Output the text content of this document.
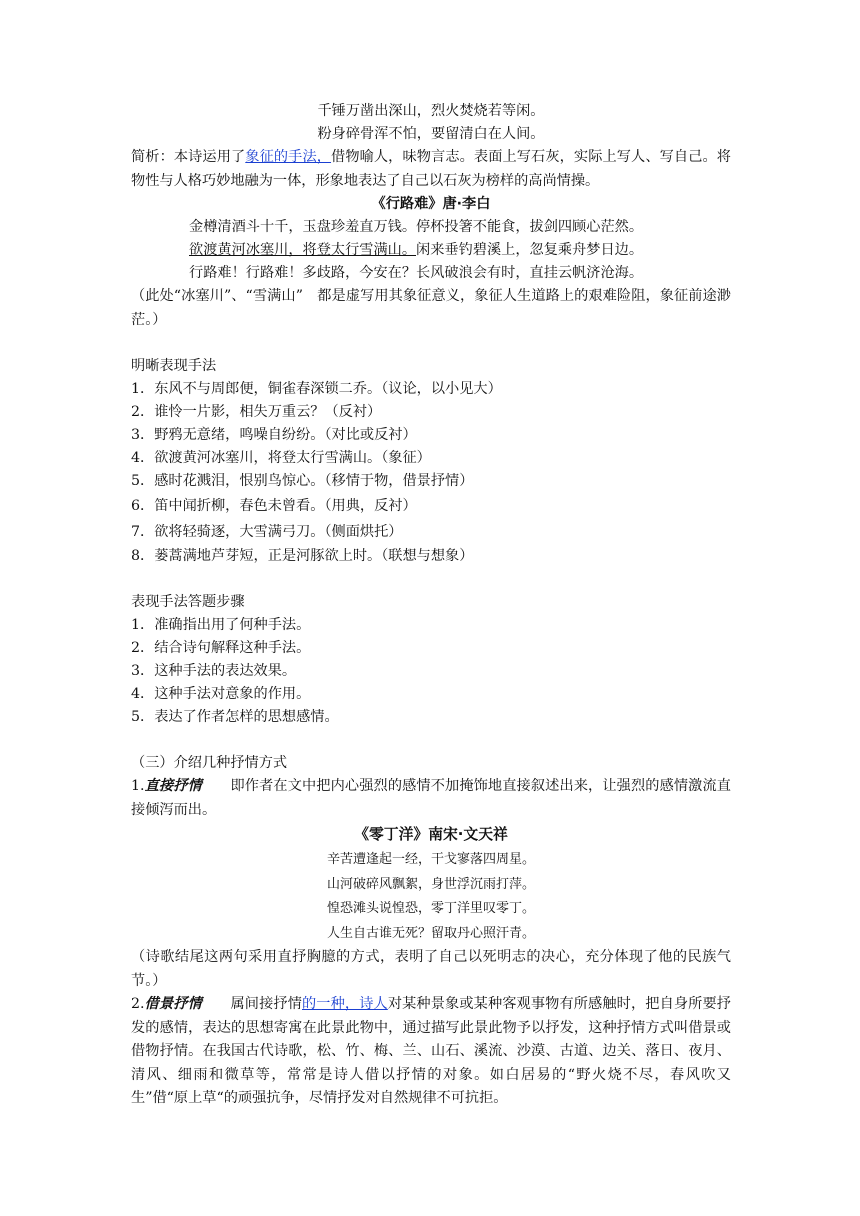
千锤万凿出深山，烈火焚烧若等闲。
粉身碎骨浑不怕，要留清白在人间。
简析：本诗运用了象征的手法，借物喻人，味物言志。表面上写石灰，实际上写人、写自己。将物性与人格巧妙地融为一体，形象地表达了自己以石灰为榜样的高尚情操。
《行路难》唐·李白
金樽清酒斗十千，玉盘珍羞直万钱。停杯投箸不能食，拔剑四顾心茫然。
欲渡黄河冰塞川，将登太行雪满山。闲来垂钓碧溪上，忽复乘舟梦日边。
行路难！行路难！多歧路，今安在？长风破浪会有时，直挂云帆济沧海。
（此处“冰塞川”、“雪满山”　都是虚写用其象征意义，象征人生道路上的艰难险阻，象征前途渺茫。）
明晰表现手法
1．东风不与周郎便，铜雀春深锁二乔。（议论，以小见大）
2．谁怜一片影，相失万重云？（反衬）
3．野鸦无意绪，鸣噪自纷纷。（对比或反衬）
4．欲渡黄河冰塞川，将登太行雪满山。（象征）
5．感时花溅泪，恨别鸟惊心。（移情于物，借景抒情）
6．笛中闻折柳，春色未曾看。（用典，反衬）
7．欲将轻骑逐，大雪满弓刀。（侧面烘托）
8．蒌蒿满地芦芽短，正是河豚欲上时。（联想与想象）
表现手法答题步骤
1．准确指出用了何种手法。
2．结合诗句解释这种手法。
3．这种手法的表达效果。
4．这种手法对意象的作用。
5．表达了作者怎样的思想感情。
（三）介绍几种抒情方式
1.直接抒情　　即作者在文中把内心强烈的感情不加掩饰地直接叙述出来，让强烈的感情激流直接倾泻而出。
《零丁洋》南宋·文天祥
辛苦遭逢起一经，干戈寥落四周星。
山河破碎风飘絮，身世浮沉雨打萍。
惶恐滩头说惶恐，零丁洋里叹零丁。
人生自古谁无死？留取丹心照汗青。
（诗歌结尾这两句采用直抒胸臆的方式，表明了自己以死明志的决心，充分体现了他的民族气节。）
2.借景抒情　　属间接抒情的一种，诗人对某种景象或某种客观事物有所感触时，把自身所要抒发的感情，表达的思想寄寓在此景此物中，通过描写此景此物予以抒发，这种抒情方式叫借景或借物抒情。在我国古代诗歌，松、竹、梅、兰、山石、溪流、沙漠、古道、边关、落日、夜月、清风、细雨和微草等，常常是诗人借以抒情的对象。如白居易的“野火烧不尽，春风吹又生”借“原上草“的顽强抗争，尽情抒发对自然规律不可抗拒。
